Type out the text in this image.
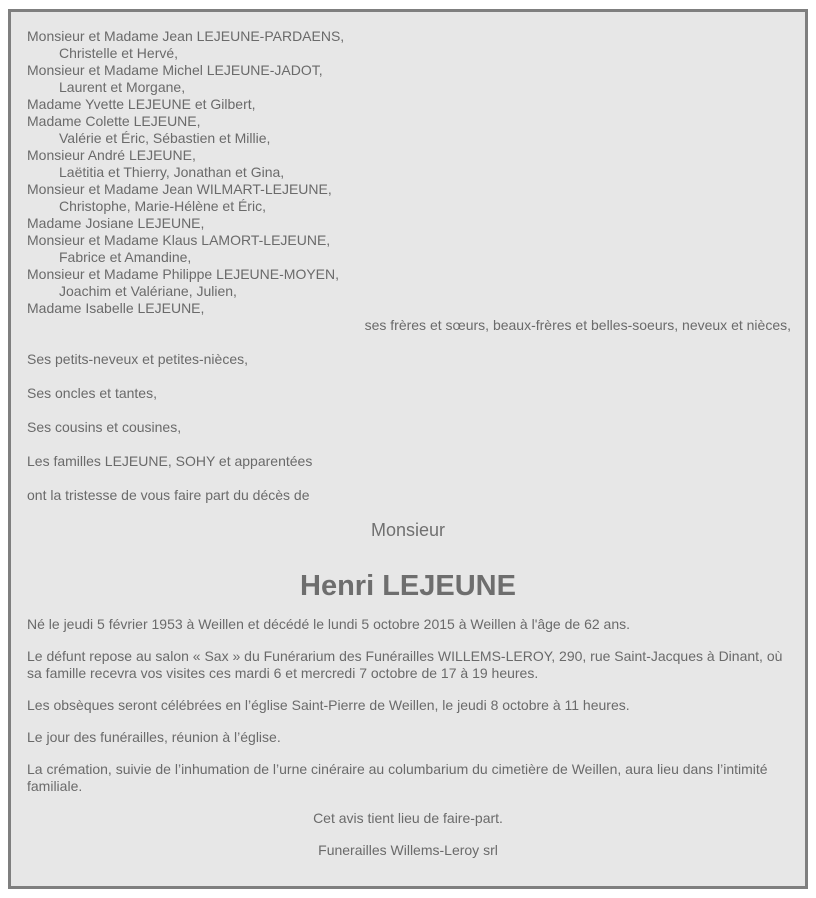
Monsieur et Madame Jean LEJEUNE-PARDAENS,
Christelle et Hervé,
Monsieur et Madame Michel LEJEUNE-JADOT,
Laurent et Morgane,
Madame Yvette LEJEUNE et Gilbert,
Madame Colette LEJEUNE,
Valérie et Éric, Sébastien et Millie,
Monsieur André LEJEUNE,
Laëtitia et Thierry, Jonathan et Gina,
Monsieur et Madame Jean WILMART-LEJEUNE,
Christophe, Marie-Hélène et Éric,
Madame Josiane LEJEUNE,
Monsieur et Madame Klaus LAMORT-LEJEUNE,
Fabrice et Amandine,
Monsieur et Madame Philippe LEJEUNE-MOYEN,
Joachim et Valériane, Julien,
Madame Isabelle LEJEUNE,
ses frères et sœurs, beaux-frères et belles-soeurs, neveux et nièces,
Ses petits-neveux et petites-nièces,
Ses oncles et tantes,
Ses cousins et cousines,
Les familles LEJEUNE, SOHY et apparentées
ont la tristesse de vous faire part du décès de
Monsieur
Henri LEJEUNE
Né le jeudi 5 février 1953 à Weillen et décédé le lundi 5 octobre 2015 à Weillen à l'âge de 62 ans.
Le défunt repose au salon « Sax » du Funérarium des Funérailles WILLEMS-LEROY, 290, rue Saint-Jacques à Dinant, où sa famille recevra vos visites ces mardi 6 et mercredi 7 octobre de 17 à 19 heures.
Les obsèques seront célébrées en l’église Saint-Pierre de Weillen, le jeudi 8 octobre à 11 heures.
Le jour des funérailles, réunion à l’église.
La crémation, suivie de l’inhumation de l’urne cinéraire au columbarium du cimetière de Weillen, aura lieu dans l’intimité familiale.
Cet avis tient lieu de faire-part.
Funerailles Willems-Leroy srl
